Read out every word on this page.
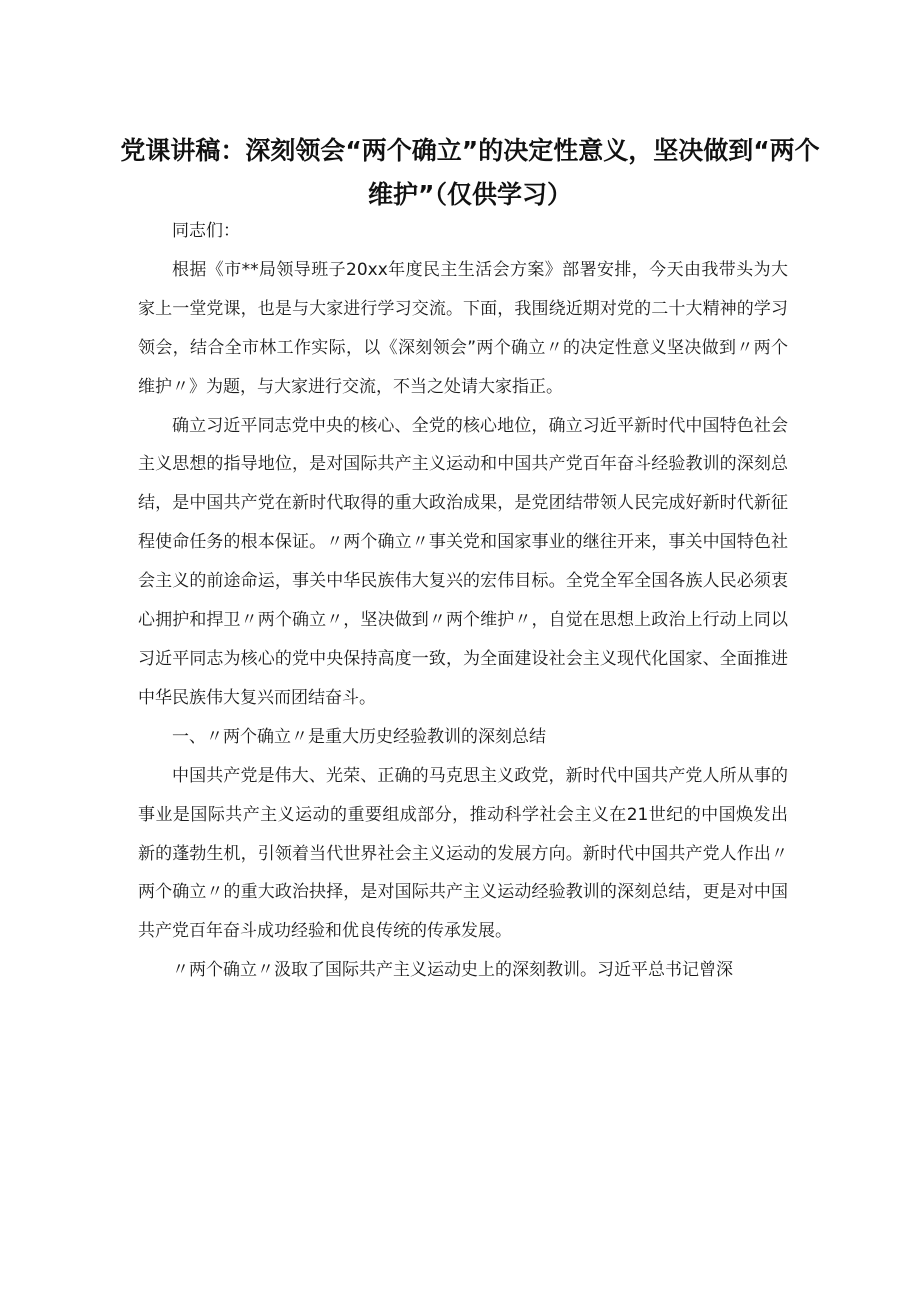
党课讲稿：深刻领会“两个确立”的决定性意义，坚决做到“两个维护”（仅供学习）

同志们：

根据《市**局领导班子20xx年度民主生活会方案》部署安排，今天由我带头为大家上一堂党课，也是与大家进行学习交流。下面，我围绕近期对党的二十大精神的学习领会，结合全市林工作实际，以《深刻领会”两个确立〃的决定性意义坚决做到〃两个维护〃》为题，与大家进行交流，不当之处请大家指正。

确立习近平同志党中央的核心、全党的核心地位，确立习近平新时代中国特色社会主义思想的指导地位，是对国际共产主义运动和中国共产党百年奋斗经验教训的深刻总结，是中国共产党在新时代取得的重大政治成果，是党团结带领人民完成好新时代新征程使命任务的根本保证。〃两个确立〃事关党和国家事业的继往开来，事关中国特色社会主义的前途命运，事关中华民族伟大复兴的宏伟目标。全党全军全国各族人民必须衷心拥护和捍卫〃两个确立〃，坚决做到〃两个维护〃，自觉在思想上政治上行动上同以习近平同志为核心的党中央保持高度一致，为全面建设社会主义现代化国家、全面推进中华民族伟大复兴而团结奋斗。

一、〃两个确立〃是重大历史经验教训的深刻总结

中国共产党是伟大、光荣、正确的马克思主义政党，新时代中国共产党人所从事的事业是国际共产主义运动的重要组成部分，推动科学社会主义在21世纪的中国焕发出新的蓬勃生机，引领着当代世界社会主义运动的发展方向。新时代中国共产党人作出〃两个确立〃的重大政治抉择，是对国际共产主义运动经验教训的深刻总结，更是对中国共产党百年奋斗成功经验和优良传统的传承发展。

〃两个确立〃汲取了国际共产主义运动史上的深刻教训。习近平总书记曾深
